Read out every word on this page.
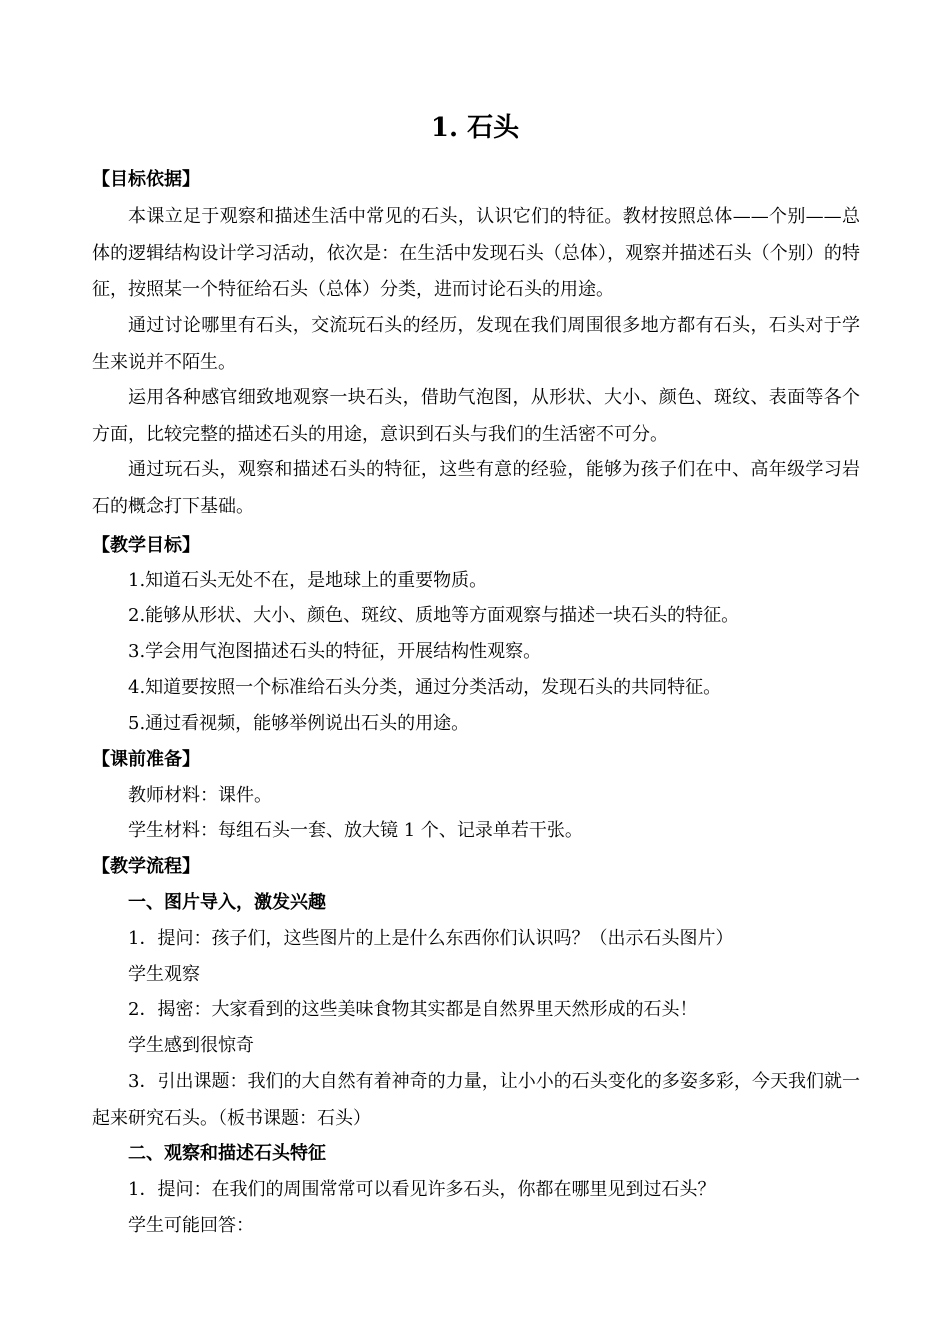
1. 石头
【目标依据】
本课立足于观察和描述生活中常见的石头，认识它们的特征。教材按照总体——个别——总体的逻辑结构设计学习活动，依次是：在生活中发现石头（总体），观察并描述石头（个别）的特征，按照某一个特征给石头（总体）分类，进而讨论石头的用途。
通过讨论哪里有石头，交流玩石头的经历，发现在我们周围很多地方都有石头，石头对于学生来说并不陌生。
运用各种感官细致地观察一块石头，借助气泡图，从形状、大小、颜色、斑纹、表面等各个方面，比较完整的描述石头的用途，意识到石头与我们的生活密不可分。
通过玩石头，观察和描述石头的特征，这些有意的经验，能够为孩子们在中、高年级学习岩石的概念打下基础。
【教学目标】
1.知道石头无处不在，是地球上的重要物质。
2.能够从形状、大小、颜色、斑纹、质地等方面观察与描述一块石头的特征。
3.学会用气泡图描述石头的特征，开展结构性观察。
4.知道要按照一个标准给石头分类，通过分类活动，发现石头的共同特征。
5.通过看视频，能够举例说出石头的用途。
【课前准备】
教师材料：课件。
学生材料：每组石头一套、放大镜 1 个、记录单若干张。
【教学流程】
一、图片导入，激发兴趣
1．提问：孩子们，这些图片的上是什么东西你们认识吗？（出示石头图片）
学生观察
2．揭密：大家看到的这些美味食物其实都是自然界里天然形成的石头！
学生感到很惊奇
3．引出课题：我们的大自然有着神奇的力量，让小小的石头变化的多姿多彩，今天我们就一起来研究石头。（板书课题：石头）
二、观察和描述石头特征
1．提问：在我们的周围常常可以看见许多石头，你都在哪里见到过石头？
学生可能回答：
